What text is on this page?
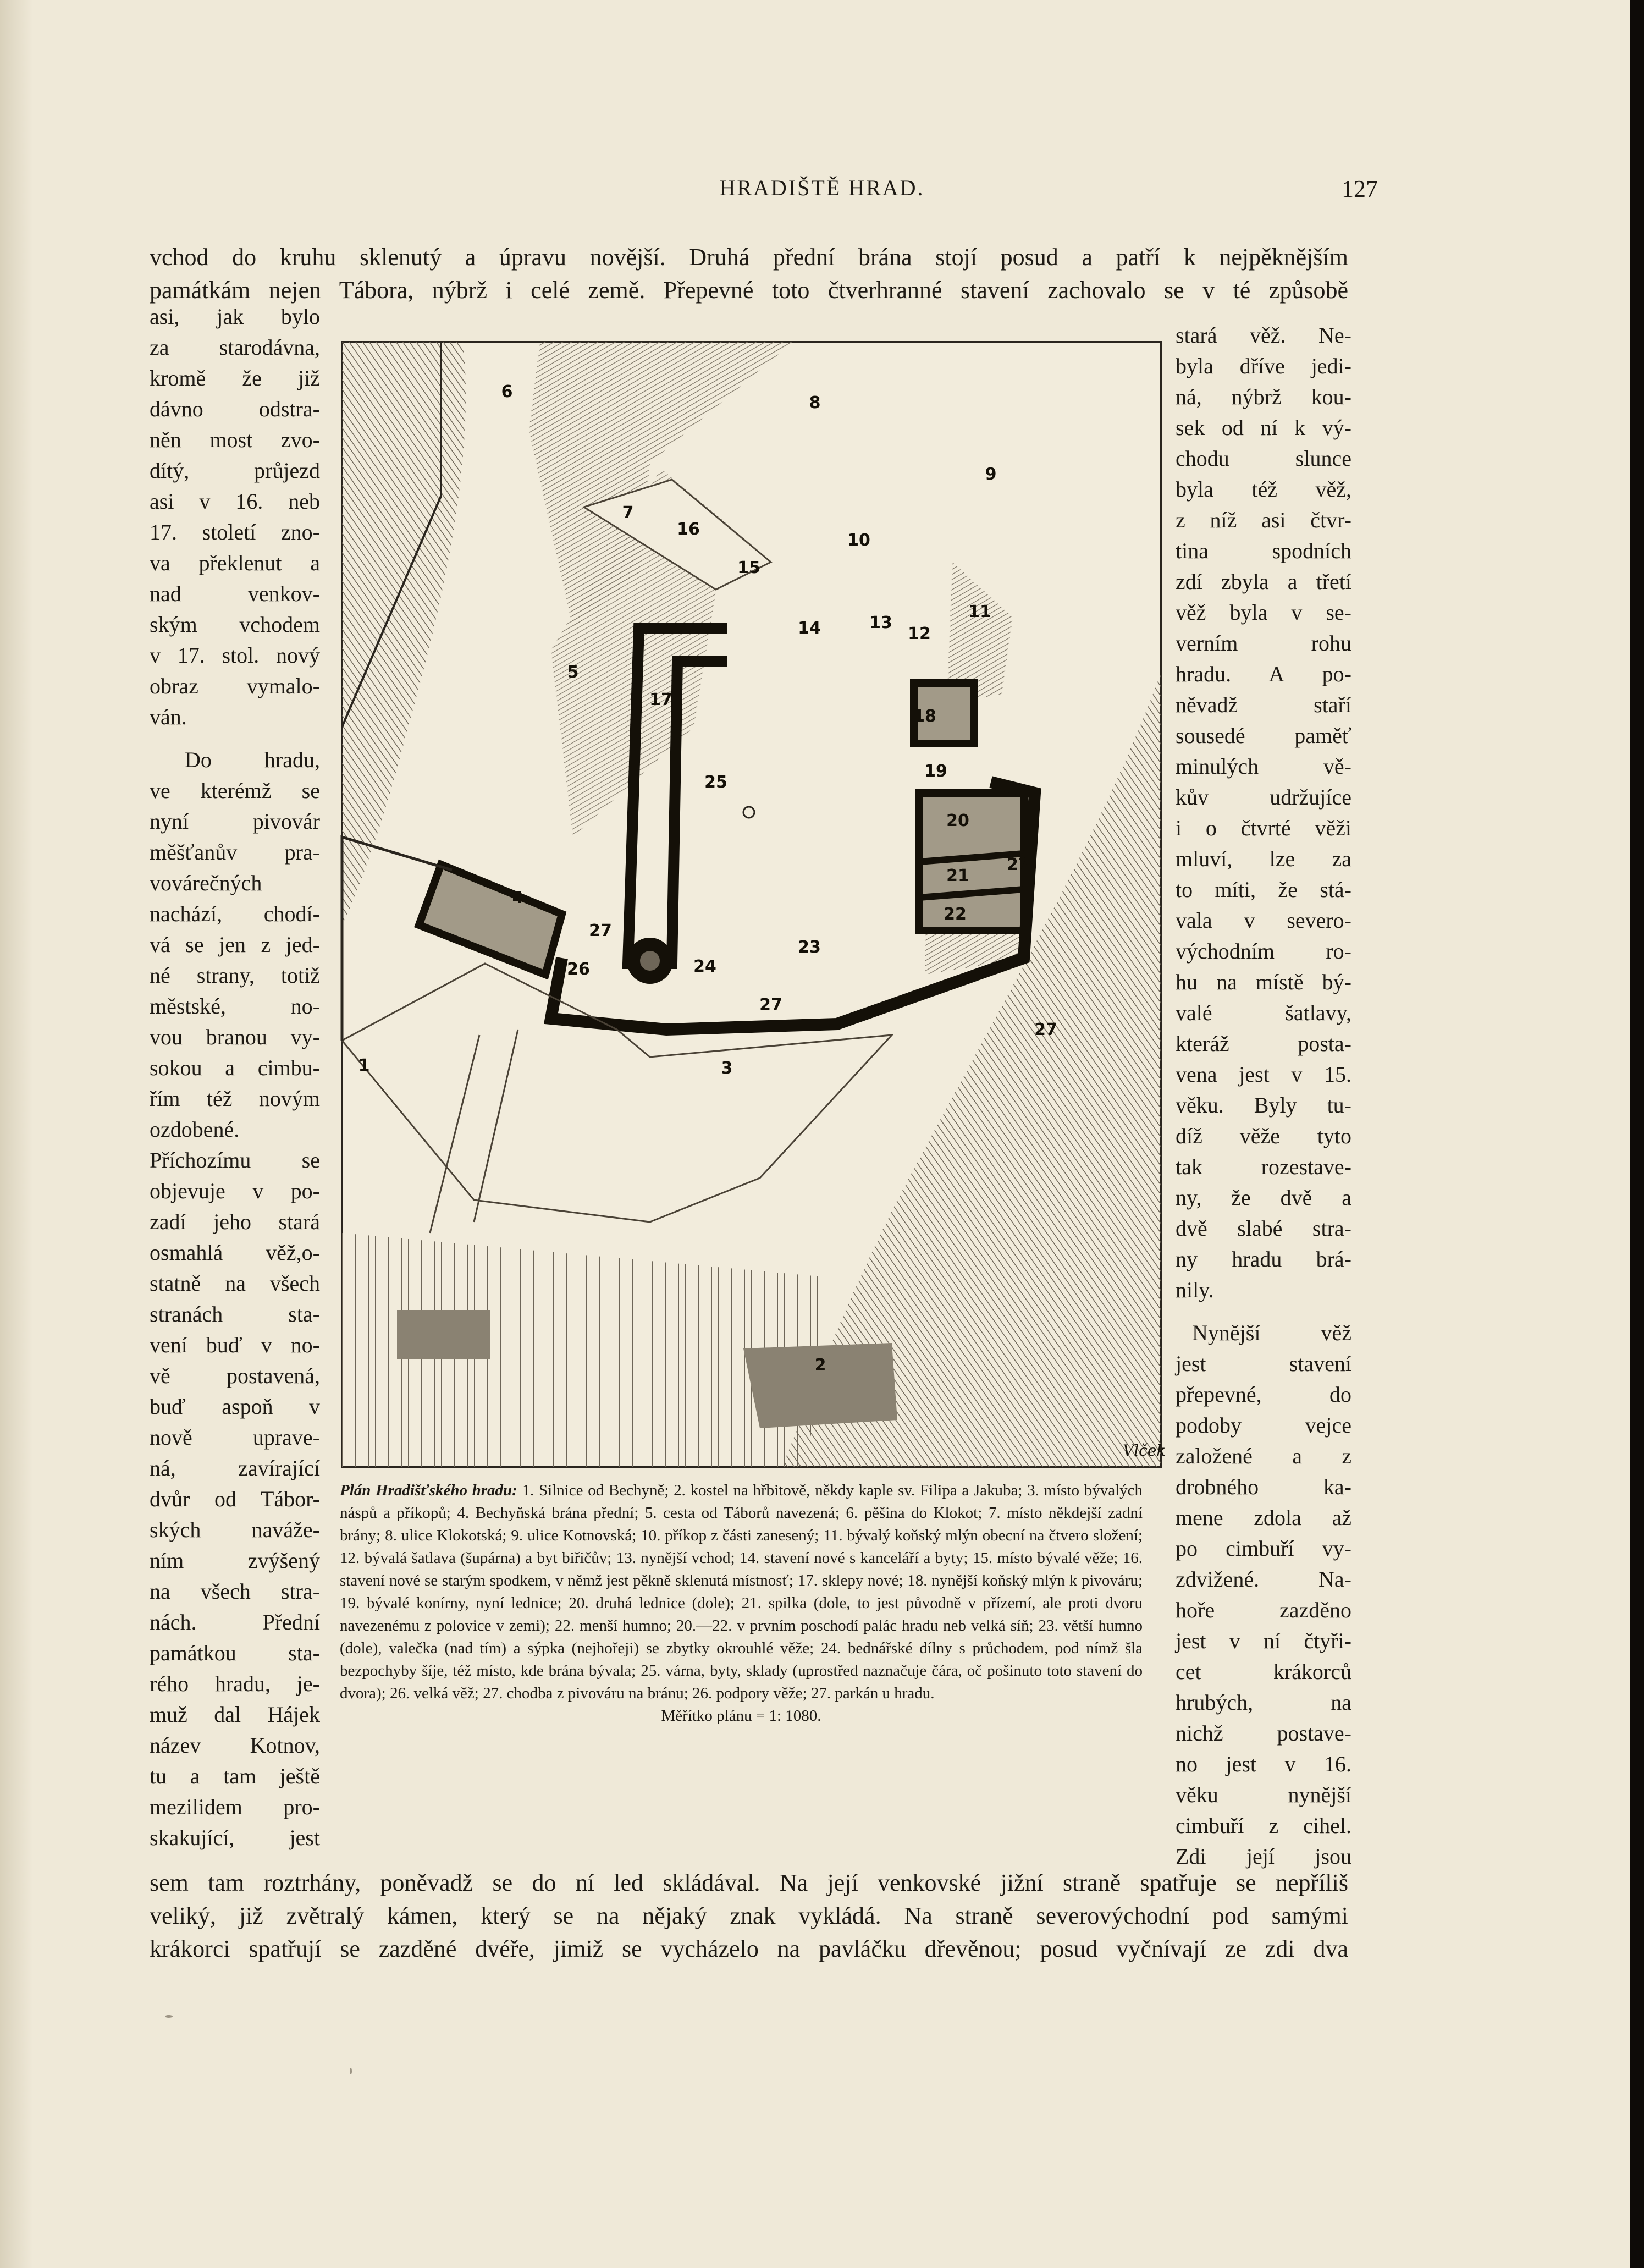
HRADIŠTĚ HRAD.	127
vchod do kruhu sklenutý a úpravu novější. Druhá přední brána stojí posud a patří k nejpěknějším
památkám nejen Tábora, nýbrž i celé země. Přepevné toto čtverhranné stavení zachovalo se v té způsobě
asi, jak bylo
za starodávna,
kromě že již
dávno odstra-
něn most zvo-
dítý, průjezd
asi v 16. neb
17. století zno-
va překlenut a
nad venkov-
ským vchodem
v 17. stol. nový
obraz vymalo-
ván.
Do hradu,
ve kterémž se
nyní pivovár
měšťanův pra-
vovárečných
nachází, chodí-
vá se jen z jed-
né strany, totiž
městské, no-
vou branou vy-
sokou a cimbu-
řím též novým
ozdobené.
Příchozímu se
objevuje v po-
zadí jeho stará
osmahlá věž,o-
statně na všech
stranách sta-
vení buď v no-
vě postavená,
buď aspoň v
nově uprave-
ná, zavírající
dvůr od Tábor-
ských naváže-
ním zvýšený
na všech stra-
nách. Přední
památkou sta-
rého hradu, je-
muž dal Hájek
název Kotnov,
tu a tam ještě
mezilidem pro-
skakující, jest
stará věž. Ne-
byla dříve jedi-
ná, nýbrž kou-
sek od ní k vý-
chodu slunce
byla též věž,
z níž asi čtvr-
tina spodních
zdí zbyla a třetí
věž byla v se-
verním rohu
hradu. A po-
něvadž staří
sousedé paměť
minulých vě-
kův udržujíce
i o čtvrté věži
mluví, lze za
to míti, že stá-
vala v severo-
východním ro-
hu na místě bý-
valé šatlavy,
kteráž posta-
vena jest v 15.
věku. Byly tu-
díž věže tyto
tak rozestave-
ny, že dvě a
dvě slabé stra-
ny hradu brá-
nily.
Nynější věž
jest stavení
přepevné, do
podoby vejce
založené a z
drobného ka-
mene zdola až
po cimbuří vy-
zdvižené. Na-
hoře zazděno
jest v ní čtyři-
cet krákorců
hrubých, na
nichž postave-
no jest v 16.
věku nynější
cimbuří z cihel.
Zdi její jsou
1
2
3
4
5
6
7
8
9
10
11
12
13
14
15
16
17
18
19
20
21
22
23
24
25
26
27
27
27
27
Vlček
Plán Hradišťského hradu: 1. Silnice od Bechyně; 2. kostel na hřbitově, někdy kaple sv. Filipa a Jakuba; 3. místo bývalých náspů a příkopů; 4. Bechyňská brána přední; 5. cesta od Táborů navezená; 6. pěšina do Klokot; 7. místo někdejší zadní brány; 8. ulice Klokotská; 9. ulice Kotnovská; 10. příkop z části zanesený; 11. bývalý koňský mlýn obecní na čtvero složení; 12. bývalá šatlava (šupárna) a byt biřičův; 13. nynější vchod; 14. stavení nové s kanceláří a byty; 15. místo bývalé věže; 16. stavení nové se starým spodkem, v němž jest pěkně sklenutá místnosť; 17. sklepy nové; 18. nynější koňský mlýn k pivováru; 19. bývalé konírny, nyní lednice; 20. druhá lednice (dole); 21. spilka (dole, to jest původně v přízemí, ale proti dvoru navezenému z polovice v zemi); 22. menší humno; 20.—22. v prvním poschodí palác hradu neb velká síň; 23. větší humno (dole), valečka (nad tím) a sýpka (nejhořeji) se zbytky okrouhlé věže; 24. bednářské dílny s průchodem, pod nímž šla bezpochyby šíje, též místo, kde brána bývala; 25. várna, byty, sklady (uprostřed naznačuje čára, oč pošinuto toto stavení do dvora); 26. velká věž; 27. chodba z pivováru na bránu; 26. podpory věže; 27. parkán u hradu.
Měřítko plánu = 1: 1080.
sem tam roztrhány, poněvadž se do ní led skládával. Na její venkovské jižní straně spatřuje se nepříliš
veliký, již zvětralý kámen, který se na nějaký znak vykládá. Na straně severovýchodní pod samými
krákorci spatřují se zazděné dvéře, jimiž se vycházelo na pavláčku dřevěnou; posud vyčnívají ze zdi dva
